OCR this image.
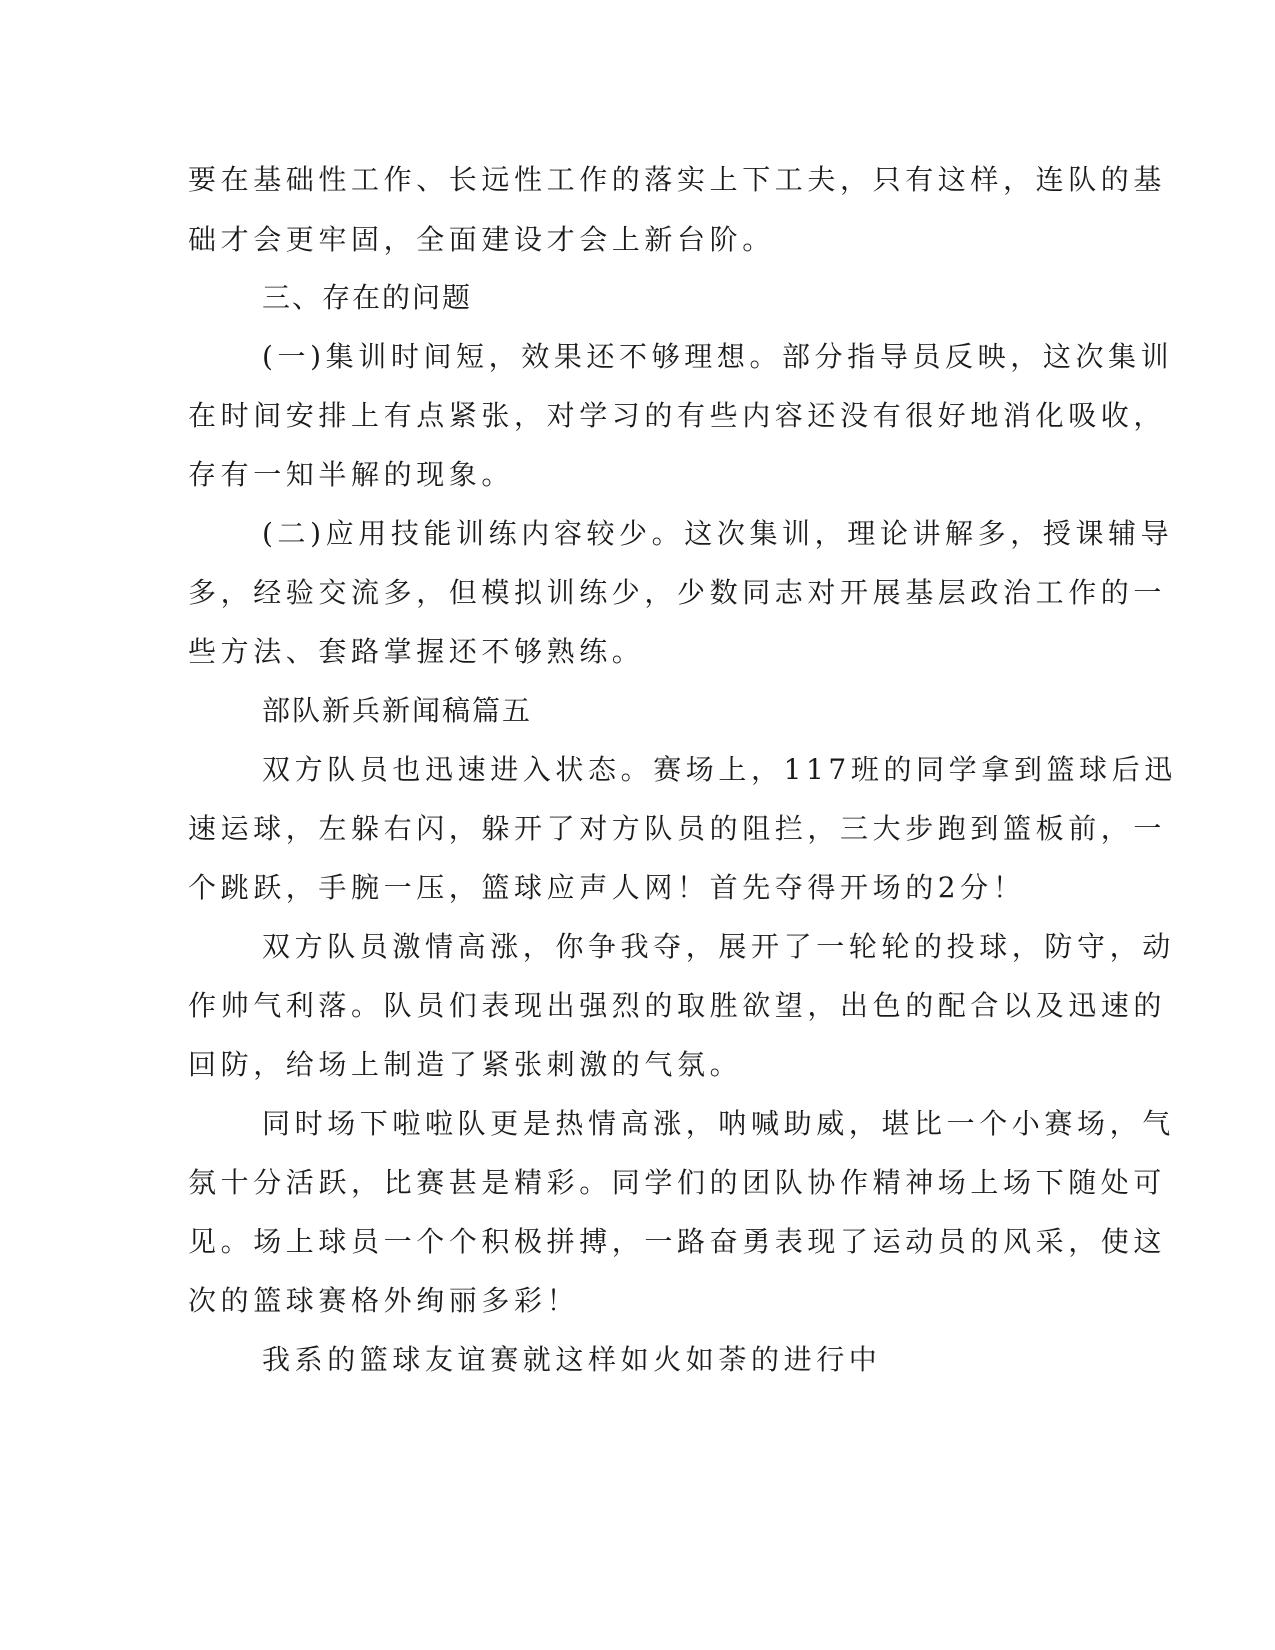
要在基础性工作、长远性工作的落实上下工夫，只有这样，连队的基
础才会更牢固，全面建设才会上新台阶。
三、存在的问题
(一)集训时间短，效果还不够理想。部分指导员反映，这次集训
在时间安排上有点紧张，对学习的有些内容还没有很好地消化吸收，
存有一知半解的现象。
(二)应用技能训练内容较少。这次集训，理论讲解多，授课辅导
多，经验交流多，但模拟训练少，少数同志对开展基层政治工作的一
些方法、套路掌握还不够熟练。
部队新兵新闻稿篇五
双方队员也迅速进入状态。赛场上，117班的同学拿到篮球后迅
速运球，左躲右闪，躲开了对方队员的阻拦，三大步跑到篮板前，一
个跳跃，手腕一压，篮球应声人网！首先夺得开场的2分！
双方队员激情高涨，你争我夺，展开了一轮轮的投球，防守，动
作帅气利落。队员们表现出强烈的取胜欲望，出色的配合以及迅速的
回防，给场上制造了紧张刺激的气氛。
同时场下啦啦队更是热情高涨，呐喊助威，堪比一个小赛场，气
氛十分活跃，比赛甚是精彩。同学们的团队协作精神场上场下随处可
见。场上球员一个个积极拼搏，一路奋勇表现了运动员的风采，使这
次的篮球赛格外绚丽多彩！
我系的篮球友谊赛就这样如火如荼的进行中
